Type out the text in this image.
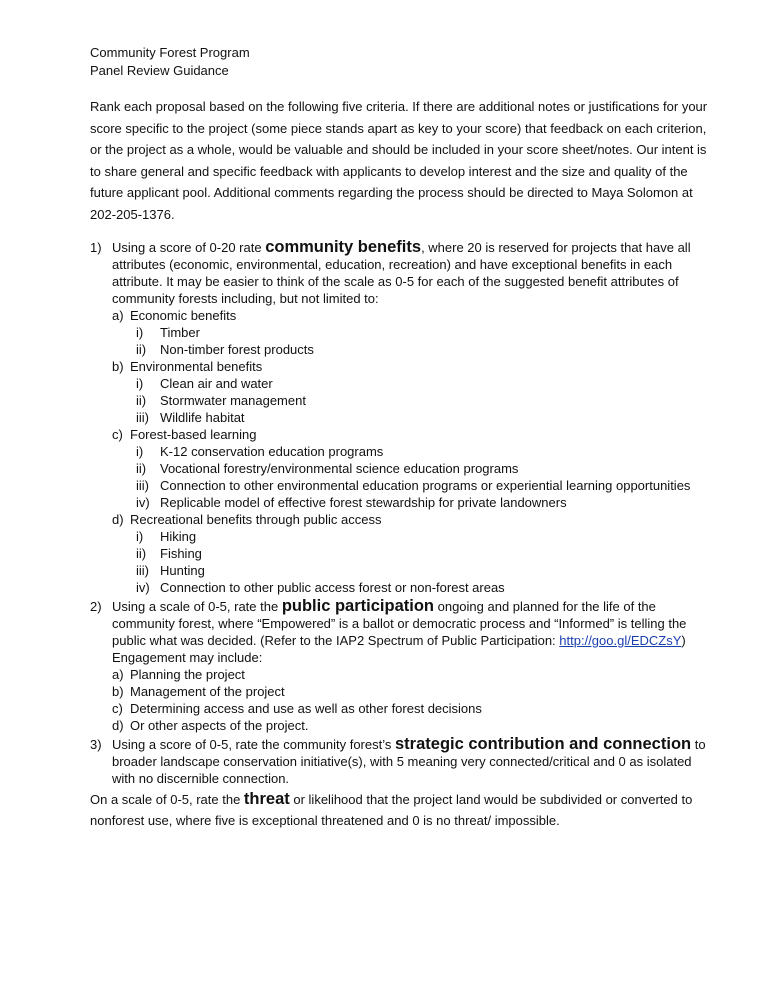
Community Forest Program
Panel Review Guidance

Rank each proposal based on the following five criteria. If there are additional notes or justifications for your score specific to the project (some piece stands apart as key to your score) that feedback on each criterion, or the project as a whole, would be valuable and should be included in your score sheet/notes. Our intent is to share general and specific feedback with applicants to develop interest and the size and quality of the future applicant pool. Additional comments regarding the process should be directed to Maya Solomon at 202-205-1376.

1) Using a score of 0-20 rate community benefits, where 20 is reserved for projects that have all attributes (economic, environmental, education, recreation) and have exceptional benefits in each attribute. It may be easier to think of the scale as 0-5 for each of the suggested benefit attributes of community forests including, but not limited to:
a) Economic benefits
i)	Timber
ii)	Non-timber forest products
b) Environmental benefits
i)	Clean air and water
ii)	Stormwater management
iii) Wildlife habitat
c) Forest-based learning
i)	K-12 conservation education programs
ii)	Vocational forestry/environmental science education programs
iii) Connection to other environmental education programs or experiential learning opportunities
iv) Replicable model of effective forest stewardship for private landowners
d) Recreational benefits through public access
i)	Hiking
ii)	Fishing
iii) Hunting
iv) Connection to other public access forest or non-forest areas
2) Using a scale of 0-5, rate the public participation ongoing and planned for the life of the community forest, where “Empowered” is a ballot or democratic process and “Informed” is telling the public what was decided. (Refer to the IAP2 Spectrum of Public Participation: http://goo.gl/EDCZsY) Engagement may include:
a) Planning the project
b) Management of the project
c) Determining access and use as well as other forest decisions
d) Or other aspects of the project.
3) Using a score of 0-5, rate the community forest’s strategic contribution and connection to broader landscape conservation initiative(s), with 5 meaning very connected/critical and 0 as isolated with no discernible connection.
On a scale of 0-5, rate the threat or likelihood that the project land would be subdivided or converted to nonforest use, where five is exceptional threatened and 0 is no threat/ impossible.
